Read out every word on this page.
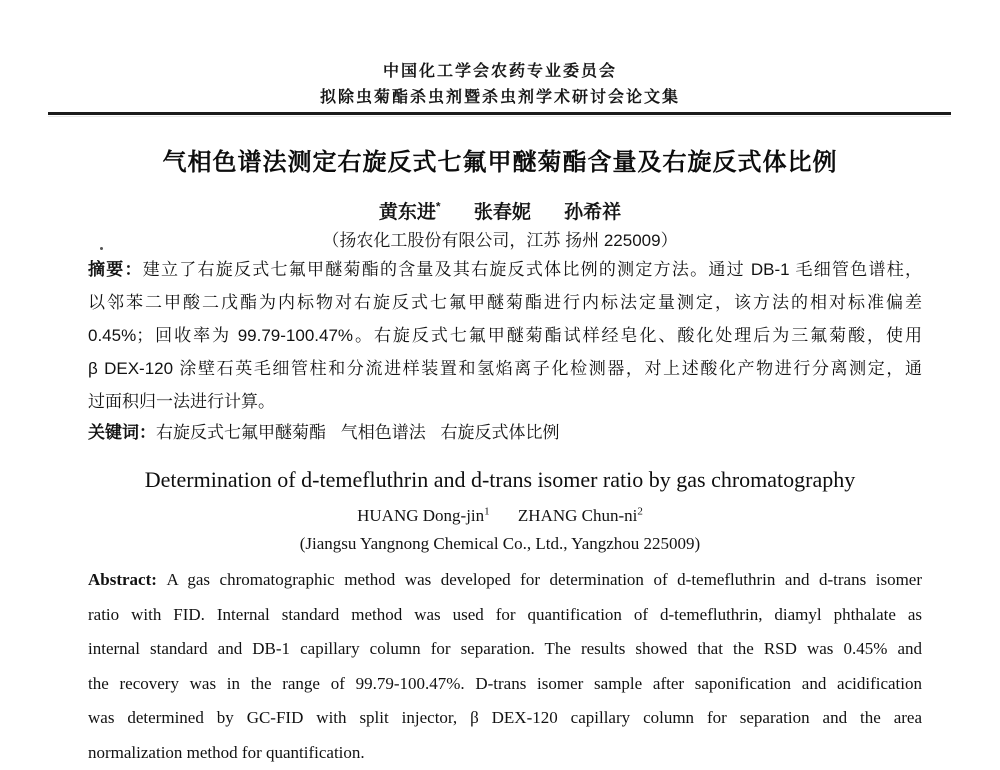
中国化工学会农药专业委员会
拟除虫菊酯杀虫剂暨杀虫剂学术研讨会论文集
气相色谱法测定右旋反式七氟甲醚菊酯含量及右旋反式体比例
黄东进* 张春妮 孙希祥
（扬农化工股份有限公司，江苏 扬州 225009）
摘要：建立了右旋反式七氟甲醚菊酯的含量及其右旋反式体比例的测定方法。通过 DB-1 毛细管色谱柱，
以邻苯二甲酸二戊酯为内标物对右旋反式七氟甲醚菊酯进行内标法定量测定，该方法的相对标准偏差
0.45%；回收率为 99.79-100.47%。右旋反式七氟甲醚菊酯试样经皂化、酸化处理后为三氟菊酸，使用
β DEX-120 涂壁石英毛细管柱和分流进样装置和氢焰离子化检测器，对上述酸化产物进行分离测定，通
过面积归一法进行计算。
关键词：右旋反式七氟甲醚菊酯 气相色谱法 右旋反式体比例
Determination of d-temefluthrin and d-trans isomer ratio by gas chromatography
HUANG Dong-jin$^1$ ZHANG Chun-$ni^2$
(Jiangsu Yangnong Chemical Co., Ltd., Yangzhou 225009)
Abstract: A gas chromatographic method was developed for determination of d-temefluthrin and d-trans isomer
ratio with FID. Internal standard method was used for quantification of d-temefluthrin, diamyl phthalate as
internal standard and DB-1 capillary column for separation. The results showed that the RSD was 0.45% and
the recovery was in the range of 99.79-100.47%. D-trans isomer sample after saponification and acidification
was determined by GC-FID with split injector, β DEX-120 capillary column for separation and the area
normalization method for quantification.
